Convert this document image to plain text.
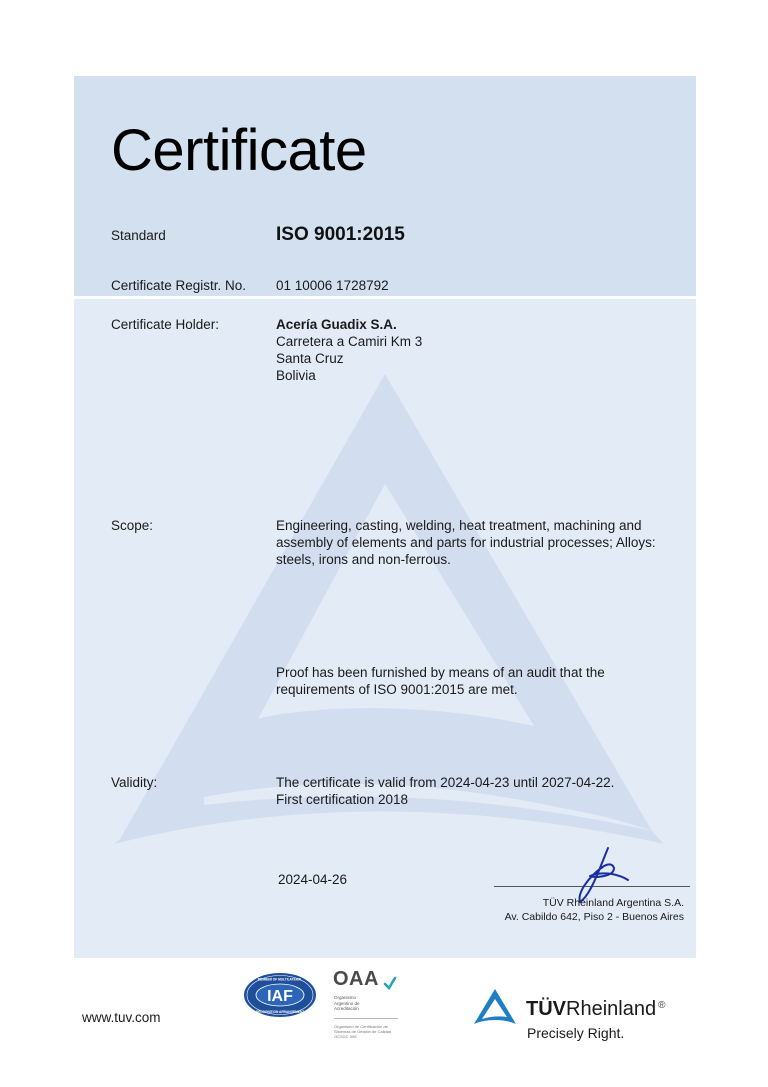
Certificate
Standard	ISO 9001:2015
Certificate Registr. No. 01 10006 1728792
Certificate Holder:	Acería Guadix S.A.
Carretera a Camiri Km 3
Santa Cruz
Bolivia
Scope:	Engineering, casting, welding, heat treatment, machining and
assembly of elements and parts for industrial processes; Alloys:
steels, irons and non-ferrous.
Proof has been furnished by means of an audit that the
requirements of ISO 9001:2015 are met.
Validity:	The certificate is valid from 2024-04-23 until 2027-04-22.
First certification 2018
2024-04-26
TÜV Rheinland Argentina S.A.
Av. Cabildo 642, Piso 2 - Buenos Aires
www.tuv.com
IAF
MEMBER OF MULTILATERAL
RECOGNITION ARRANGEMENT
OAA
Organismo
Argentino de
Acreditación
Organismo de Certificación de
Sistemas de Gestión de Calidad
OCSGC 006
TÜVRheinland ®
Precisely Right.
